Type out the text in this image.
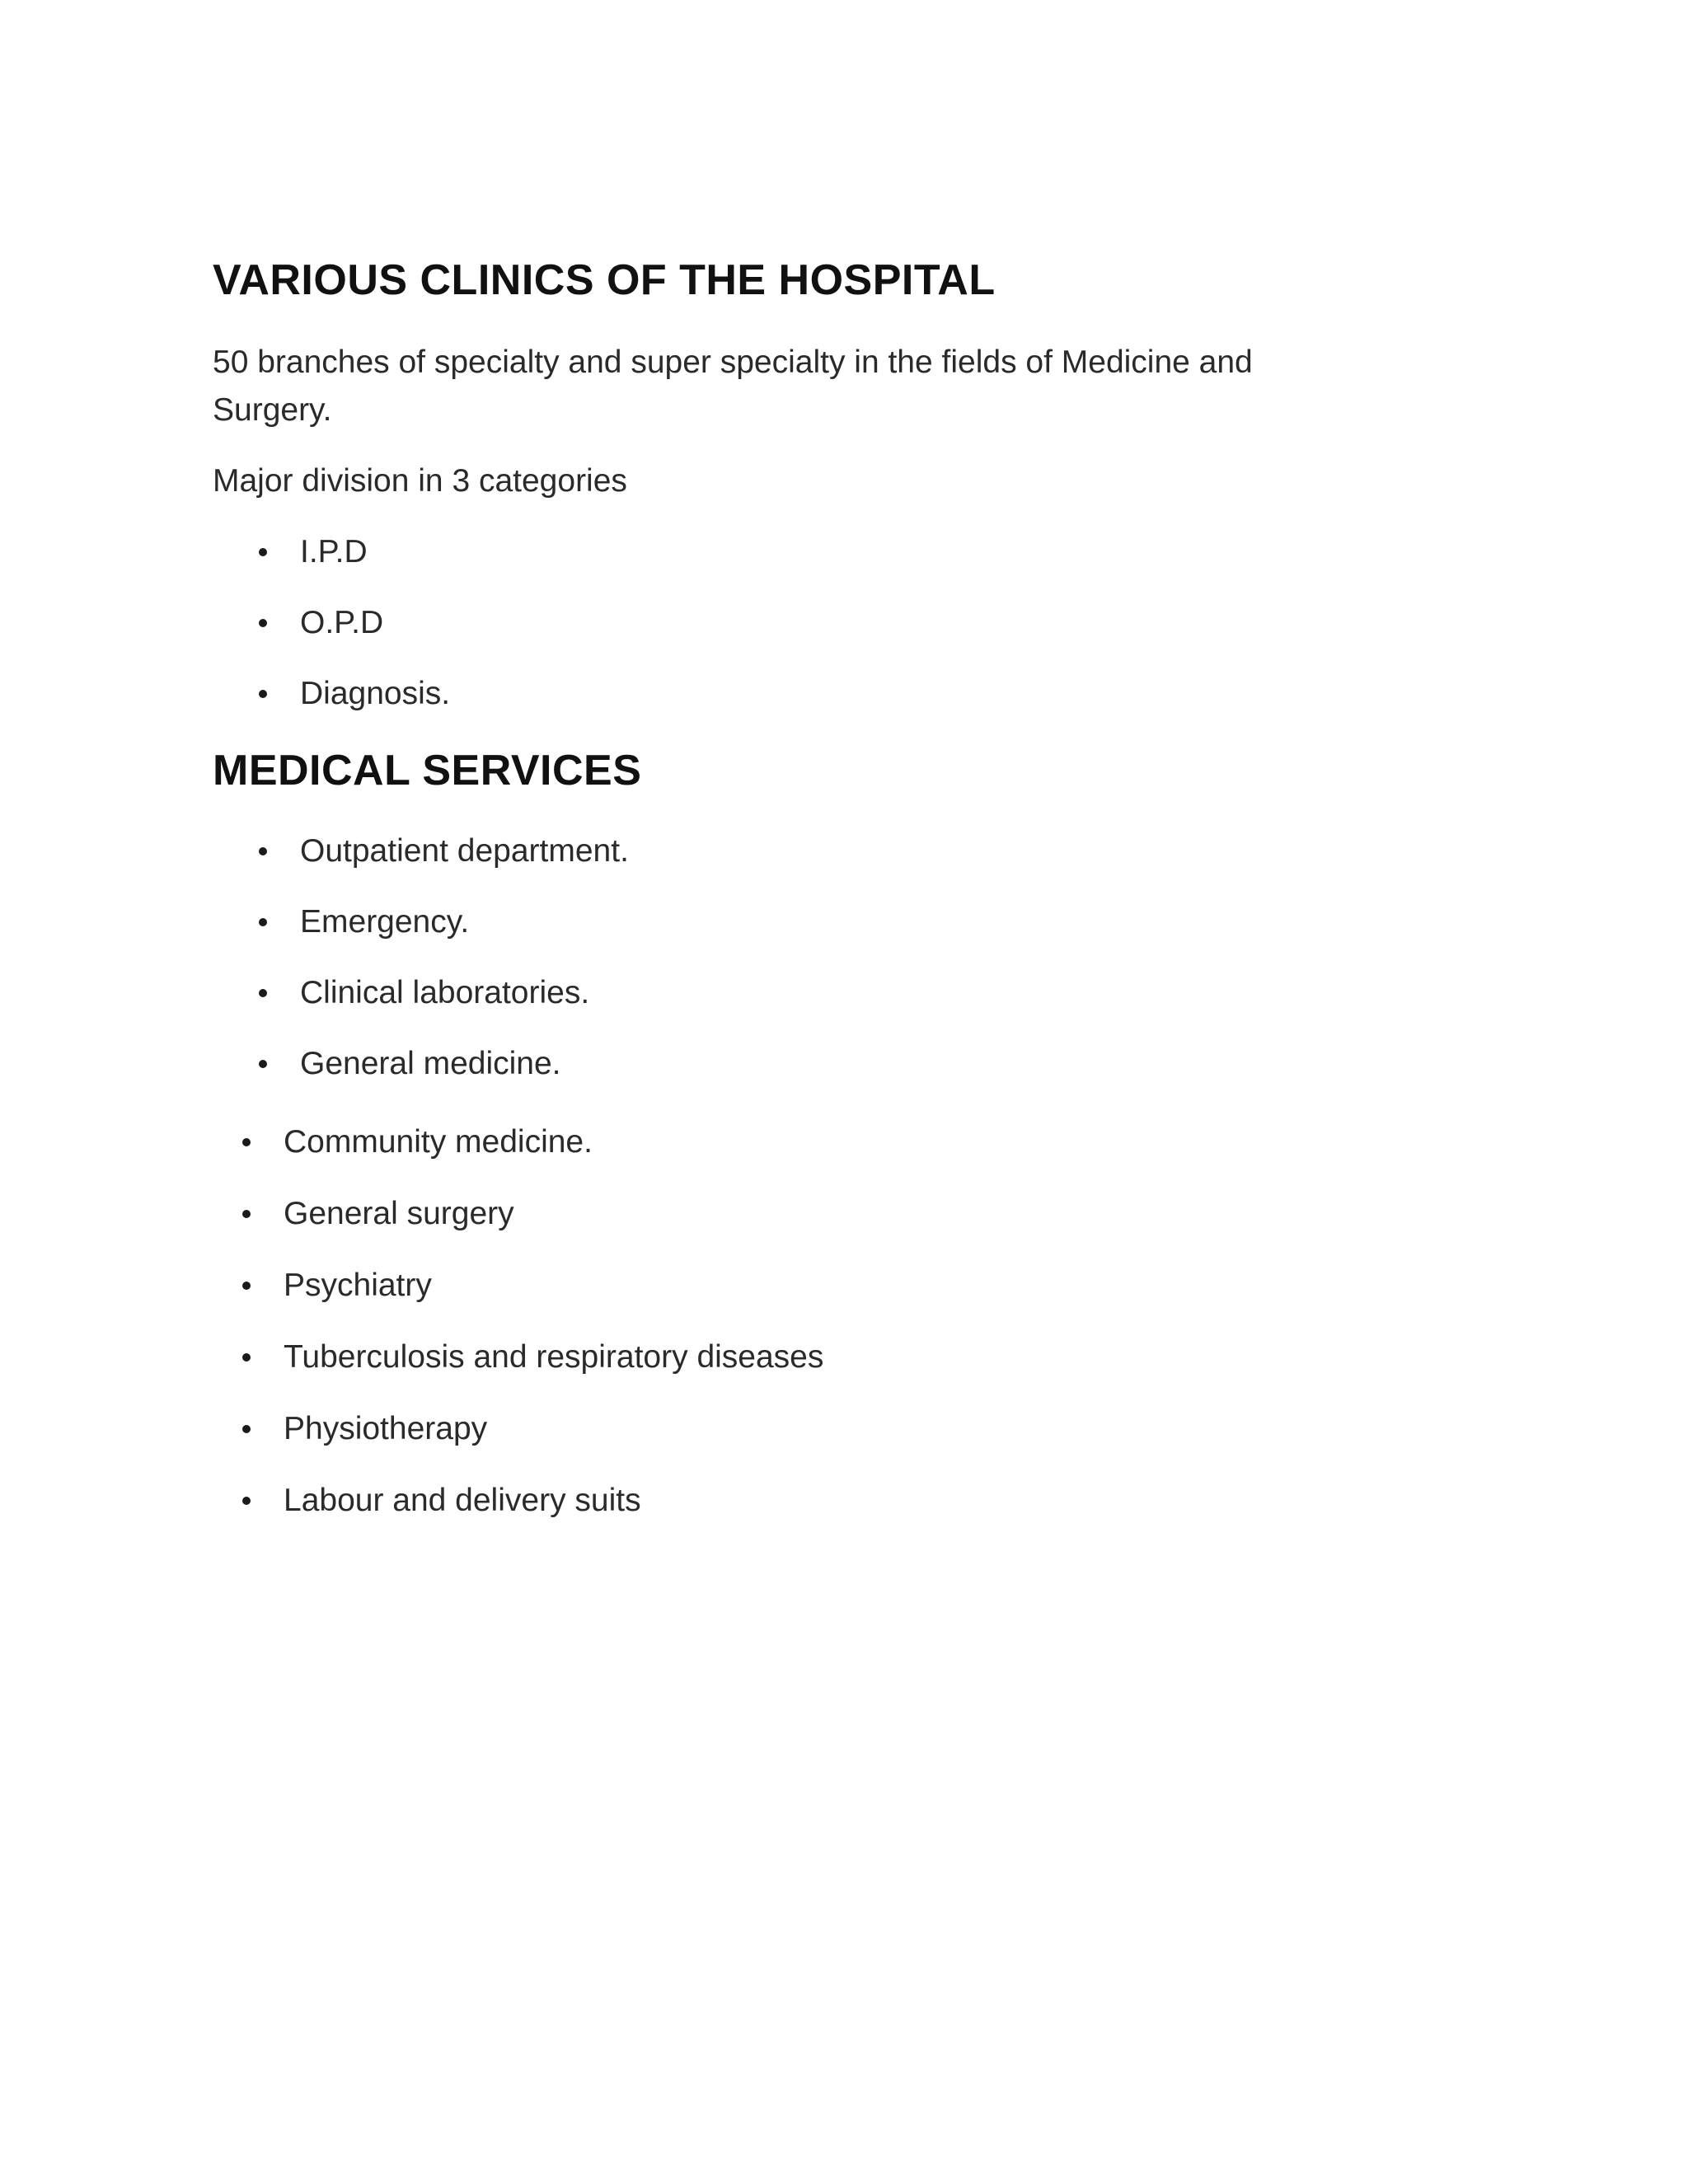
VARIOUS CLINICS OF THE HOSPITAL

50 branches of specialty and super specialty in the fields of Medicine and Surgery.

Major division in 3 categories

I.P.D
O.P.D
Diagnosis.
MEDICAL SERVICES
Outpatient department.
Emergency.
Clinical laboratories.
General medicine.
Community medicine.
General surgery
Psychiatry
Tuberculosis and respiratory diseases
Physiotherapy
Labour and delivery suits
